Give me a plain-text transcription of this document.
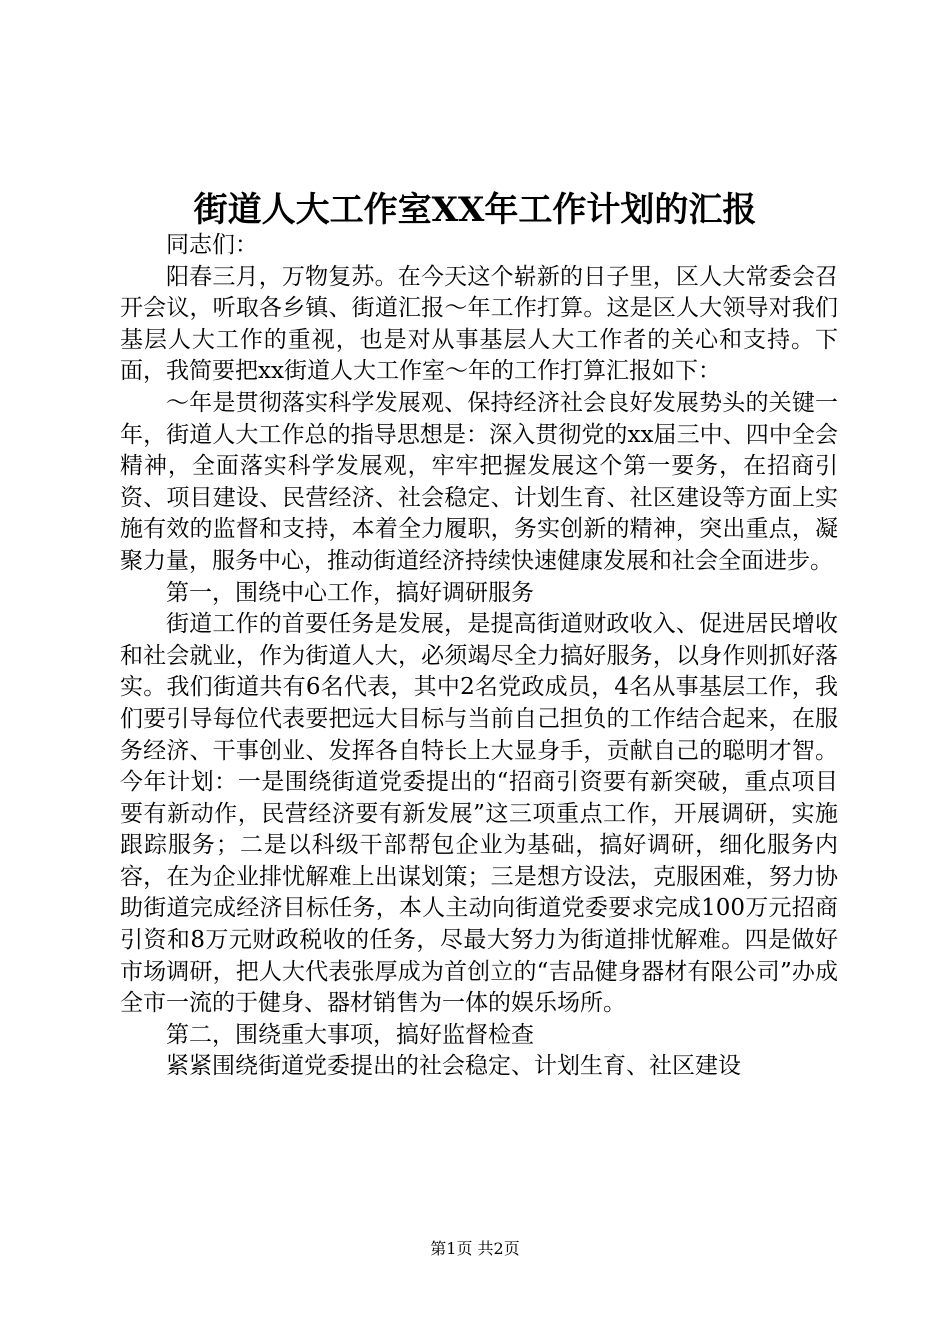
街道人大工作室XX年工作计划的汇报

同志们：

阳春三月，万物复苏。在今天这个崭新的日子里，区人大常委会召开会议，听取各乡镇、街道汇报～年工作打算。这是区人大领导对我们基层人大工作的重视，也是对从事基层人大工作者的关心和支持。下面，我简要把xx街道人大工作室～年的工作打算汇报如下：

～年是贯彻落实科学发展观、保持经济社会良好发展势头的关键一年，街道人大工作总的指导思想是：深入贯彻党的xx届三中、四中全会精神，全面落实科学发展观，牢牢把握发展这个第一要务，在招商引资、项目建设、民营经济、社会稳定、计划生育、社区建设等方面上实施有效的监督和支持，本着全力履职，务实创新的精神，突出重点，凝聚力量，服务中心，推动街道经济持续快速健康发展和社会全面进步。

第一，围绕中心工作，搞好调研服务

街道工作的首要任务是发展，是提高街道财政收入、促进居民增收和社会就业，作为街道人大，必须竭尽全力搞好服务，以身作则抓好落实。我们街道共有6名代表，其中2名党政成员，4名从事基层工作，我们要引导每位代表要把远大目标与当前自己担负的工作结合起来，在服务经济、干事创业、发挥各自特长上大显身手，贡献自己的聪明才智。今年计划：一是围绕街道党委提出的“招商引资要有新突破，重点项目要有新动作，民营经济要有新发展”这三项重点工作，开展调研，实施跟踪服务；二是以科级干部帮包企业为基础，搞好调研，细化服务内容，在为企业排忧解难上出谋划策；三是想方设法，克服困难，努力协助街道完成经济目标任务，本人主动向街道党委要求完成100万元招商引资和8万元财政税收的任务，尽最大努力为街道排忧解难。四是做好市场调研，把人大代表张厚成为首创立的“吉品健身器材有限公司”办成全市一流的于健身、器材销售为一体的娱乐场所。

第二，围绕重大事项，搞好监督检查

紧紧围绕街道党委提出的社会稳定、计划生育、社区建设

第1页 共2页
